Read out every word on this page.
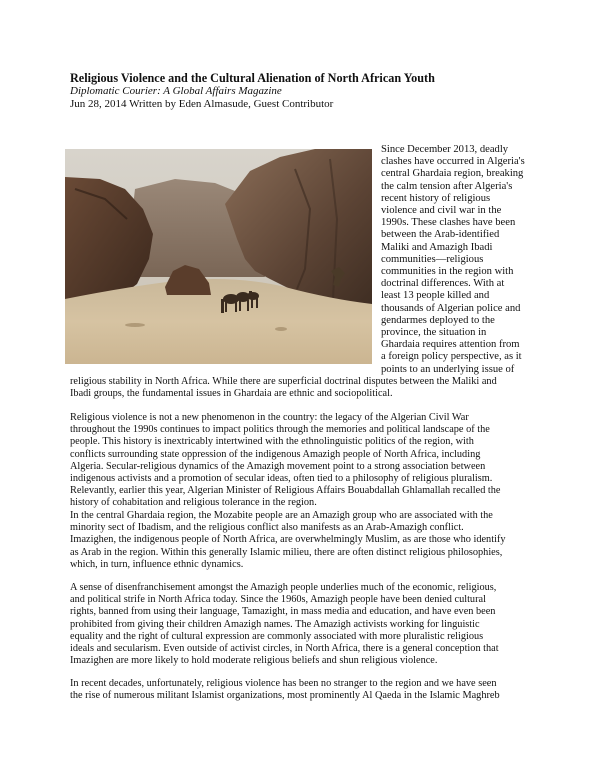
Religious Violence and the Cultural Alienation of North African Youth
Diplomatic Courier: A Global Affairs Magazine
Jun 28, 2014 Written by Eden Almasude, Guest Contributor
Since December 2013, deadly
clashes have occurred in Algeria's
central Ghardaia region, breaking
the calm tension after Algeria's
recent history of religious
violence and civil war in the
1990s. These clashes have been
between the Arab-identified
Maliki and Amazigh Ibadi
communities—religious
communities in the region with
doctrinal differences. With at
least 13 people killed and
thousands of Algerian police and
gendarmes deployed to the
province, the situation in
Ghardaia requires attention from
a foreign policy perspective, as it
points to an underlying issue of
religious stability in North Africa. While there are superficial doctrinal disputes between the Maliki and
Ibadi groups, the fundamental issues in Ghardaia are ethnic and sociopolitical.
Religious violence is not a new phenomenon in the country: the legacy of the Algerian Civil War
throughout the 1990s continues to impact politics through the memories and political landscape of the
people. This history is inextricably intertwined with the ethnolinguistic politics of the region, with
conflicts surrounding state oppression of the indigenous Amazigh people of North Africa, including
Algeria. Secular-religious dynamics of the Amazigh movement point to a strong association between
indigenous activists and a promotion of secular ideas, often tied to a philosophy of religious pluralism.
Relevantly, earlier this year, Algerian Minister of Religious Affairs Bouabdallah Ghlamallah recalled the
history of cohabitation and religious tolerance in the region.
In the central Ghardaia region, the Mozabite people are an Amazigh group who are associated with the
minority sect of Ibadism, and the religious conflict also manifests as an Arab-Amazigh conflict.
Imazighen, the indigenous people of North Africa, are overwhelmingly Muslim, as are those who identify
as Arab in the region. Within this generally Islamic milieu, there are often distinct religious philosophies,
which, in turn, influence ethnic dynamics.
A sense of disenfranchisement amongst the Amazigh people underlies much of the economic, religious,
and political strife in North Africa today. Since the 1960s, Amazigh people have been denied cultural
rights, banned from using their language, Tamazight, in mass media and education, and have even been
prohibited from giving their children Amazigh names. The Amazigh activists working for linguistic
equality and the right of cultural expression are commonly associated with more pluralistic religious
ideals and secularism. Even outside of activist circles, in North Africa, there is a general conception that
Imazighen are more likely to hold moderate religious beliefs and shun religious violence.
In recent decades, unfortunately, religious violence has been no stranger to the region and we have seen
the rise of numerous militant Islamist organizations, most prominently Al Qaeda in the Islamic Maghreb
